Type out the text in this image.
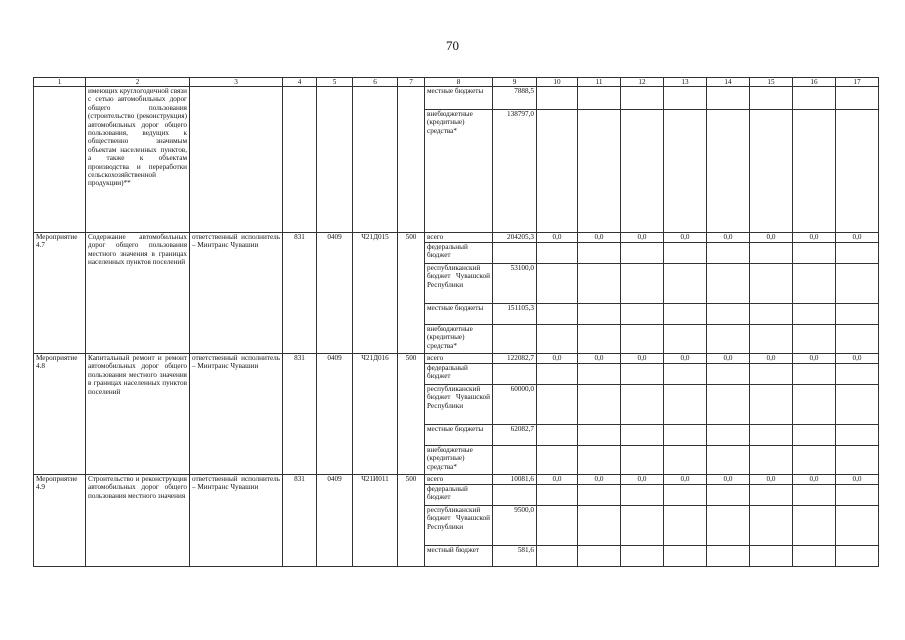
70
1	2	3	4	5	6	7	8	9	10	11	12	13	14	15	16	17
	имеющих круглогодичной связи с сетью автомобильных дорог общего пользования (строительство (реконструкция) автомобильных дорог общего пользования, ведущих к общественно значимым объектам населенных пунктов, а также к объектам производства и переработки сельскохозяйственной продукции)**						местные бюджеты	7888,5								
							внебюджетные (кредитные) средства*	138797,0								
Мероприятие 4.7	Содержание автомобильных дорог общего пользования местного значения в границах населенных пунктов поселений	ответственный исполнитель – Минтранс Чувашии	831	0409	Ч21Д015	500	всего	204205,3	0,0	0,0	0,0	0,0	0,0	0,0	0,0	0,0
							федеральный бюджет									
							республиканский бюджет Чувашской Республики	53100,0								
							местные бюджеты	151105,3								
							внебюджетные (кредитные) средства*									
Мероприятие 4.8	Капитальный ремонт и ремонт автомобильных дорог общего пользования местного значения в границах населенных пунктов поселений	ответственный исполнитель – Минтранс Чувашии	831	0409	Ч21Д016	500	всего	122082,7	0,0	0,0	0,0	0,0	0,0	0,0	0,0	0,0
							федеральный бюджет									
							республиканский бюджет Чувашской Республики	60000,0								
							местные бюджеты	62082,7								
							внебюджетные (кредитные) средства*									
Мероприятие 4.9	Строительство и реконструкция автомобильных дорог общего пользования местного значения	ответственный исполнитель – Минтранс Чувашии	831	0409	Ч21И011	500	всего	10081,6	0,0	0,0	0,0	0,0	0,0	0,0	0,0	0,0
							федеральный бюджет									
							республиканский бюджет Чувашской Республики	9500,0								
							местный бюджет	581,6								
